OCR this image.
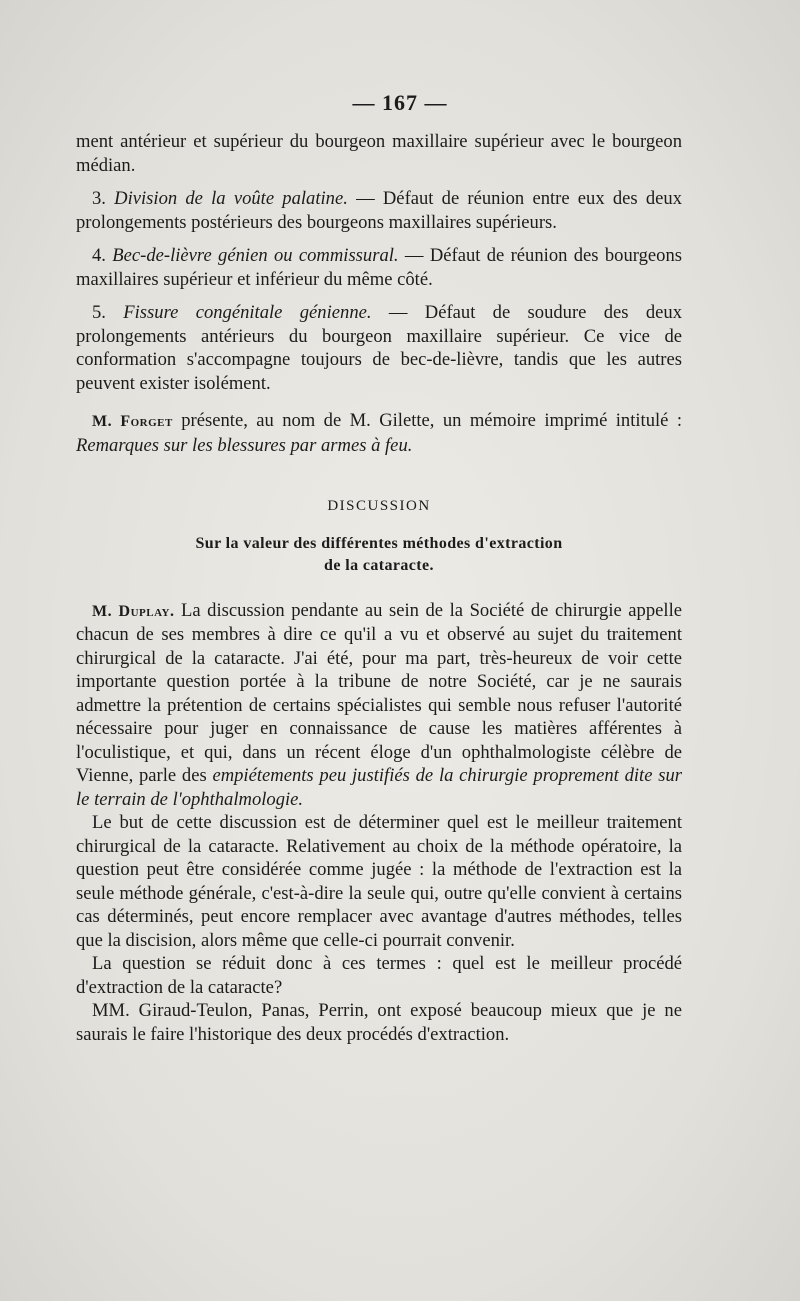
— 167 —

ment antérieur et supérieur du bourgeon maxillaire supérieur avec le bourgeon médian.

3. Division de la voûte palatine. — Défaut de réunion entre eux des deux prolongements postérieurs des bourgeons maxillaires supérieurs.

4. Bec-de-lièvre génien ou commissural. — Défaut de réunion des bourgeons maxillaires supérieur et inférieur du même côté.

5. Fissure congénitale génienne. — Défaut de soudure des deux prolongements antérieurs du bourgeon maxillaire supérieur. Ce vice de conformation s'accompagne toujours de bec-de-lièvre, tandis que les autres peuvent exister isolément.

M. Forget présente, au nom de M. Gilette, un mémoire imprimé intitulé : Remarques sur les blessures par armes à feu.

DISCUSSION
Sur la valeur des différentes méthodes d'extraction
de la cataracte.

M. Duplay. La discussion pendante au sein de la Société de chirurgie appelle chacun de ses membres à dire ce qu'il a vu et observé au sujet du traitement chirurgical de la cataracte. J'ai été, pour ma part, très-heureux de voir cette importante question portée à la tribune de notre Société, car je ne saurais admettre la prétention de certains spécialistes qui semble nous refuser l'autorité nécessaire pour juger en connaissance de cause les matières afférentes à l'oculistique, et qui, dans un récent éloge d'un ophthalmologiste célèbre de Vienne, parle des empiétements peu justifiés de la chirurgie proprement dite sur le terrain de l'ophthalmologie.

Le but de cette discussion est de déterminer quel est le meilleur traitement chirurgical de la cataracte. Relativement au choix de la méthode opératoire, la question peut être considérée comme jugée : la méthode de l'extraction est la seule méthode générale, c'est-à-dire la seule qui, outre qu'elle convient à certains cas déterminés, peut encore remplacer avec avantage d'autres méthodes, telles que la discision, alors même que celle-ci pourrait convenir.

La question se réduit donc à ces termes : quel est le meilleur procédé d'extraction de la cataracte?

MM. Giraud-Teulon, Panas, Perrin, ont exposé beaucoup mieux que je ne saurais le faire l'historique des deux procédés d'extraction.
